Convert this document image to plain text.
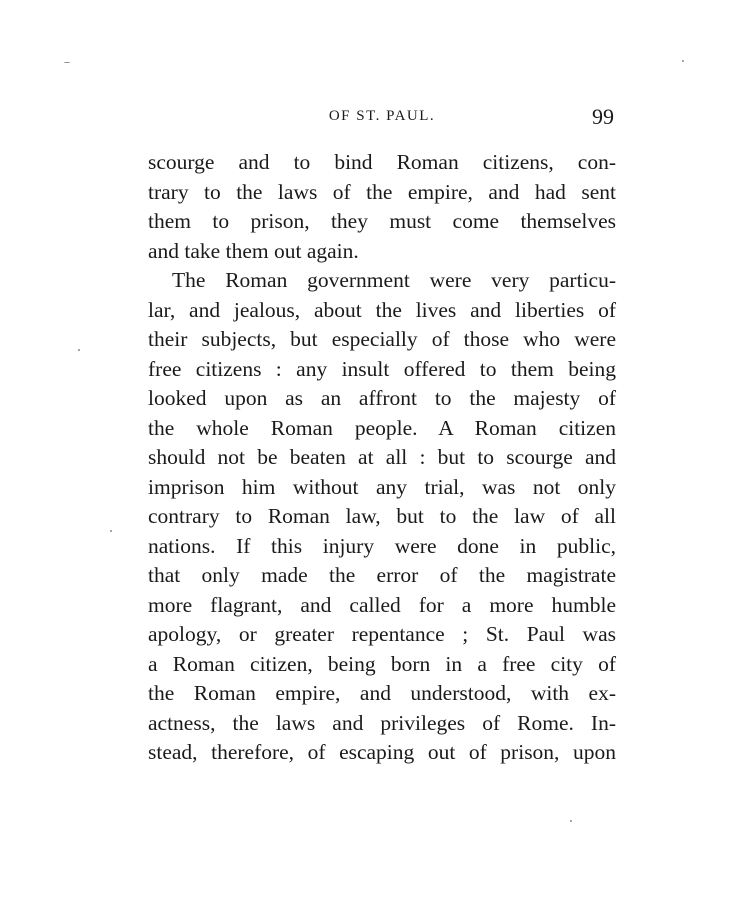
OF ST. PAUL.	99
scourge and to bind Roman citizens, con-
trary to the laws of the empire, and had sent
them to prison, they must come themselves
and take them out again.
The Roman government were very particu-
lar, and jealous, about the lives and liberties of
their subjects, but especially of those who were
free citizens : any insult offered to them being
looked upon as an affront to the majesty of
the whole Roman people. A Roman citizen
should not be beaten at all : but to scourge and
imprison him without any trial, was not only
contrary to Roman law, but to the law of all
nations. If this injury were done in public,
that only made the error of the magistrate
more flagrant, and called for a more humble
apology, or greater repentance ; St. Paul was
a Roman citizen, being born in a free city of
the Roman empire, and understood, with ex-
actness, the laws and privileges of Rome. In-
stead, therefore, of escaping out of prison, upon
